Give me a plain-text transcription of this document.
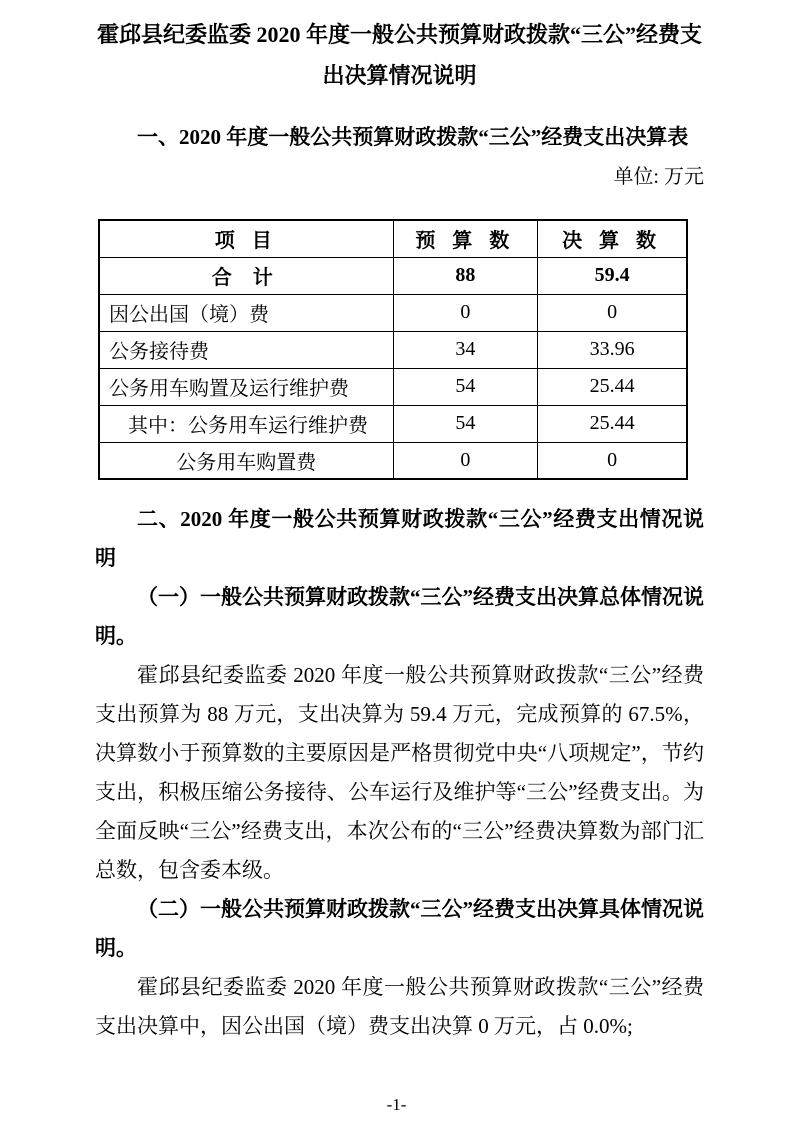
霍邱县纪委监委 2020 年度一般公共预算财政拨款“三公”经费支出决算情况说明

一、2020 年度一般公共预算财政拨款“三公”经费支出决算表

单位: 万元

项 目	预 算 数	决 算 数
合 计	88	59.4
因公出国（境）费	0	0
公务接待费	34	33.96
公务用车购置及运行维护费	54	25.44
其中：公务用车运行维护费	54	25.44
公务用车购置费	0	0

二、2020 年度一般公共预算财政拨款“三公”经费支出情况说明

（一）一般公共预算财政拨款“三公”经费支出决算总体情况说明。

霍邱县纪委监委 2020 年度一般公共预算财政拨款“三公”经费支出预算为 88 万元，支出决算为 59.4 万元，完成预算的 67.5%，决算数小于预算数的主要原因是严格贯彻党中央“八项规定”，节约支出，积极压缩公务接待、公车运行及维护等“三公”经费支出。为全面反映“三公”经费支出，本次公布的“三公”经费决算数为部门汇总数，包含委本级。

（二）一般公共预算财政拨款“三公”经费支出决算具体情况说明。

霍邱县纪委监委 2020 年度一般公共预算财政拨款“三公”经费支出决算中，因公出国（境）费支出决算 0 万元，占 0.0%;

-1-
